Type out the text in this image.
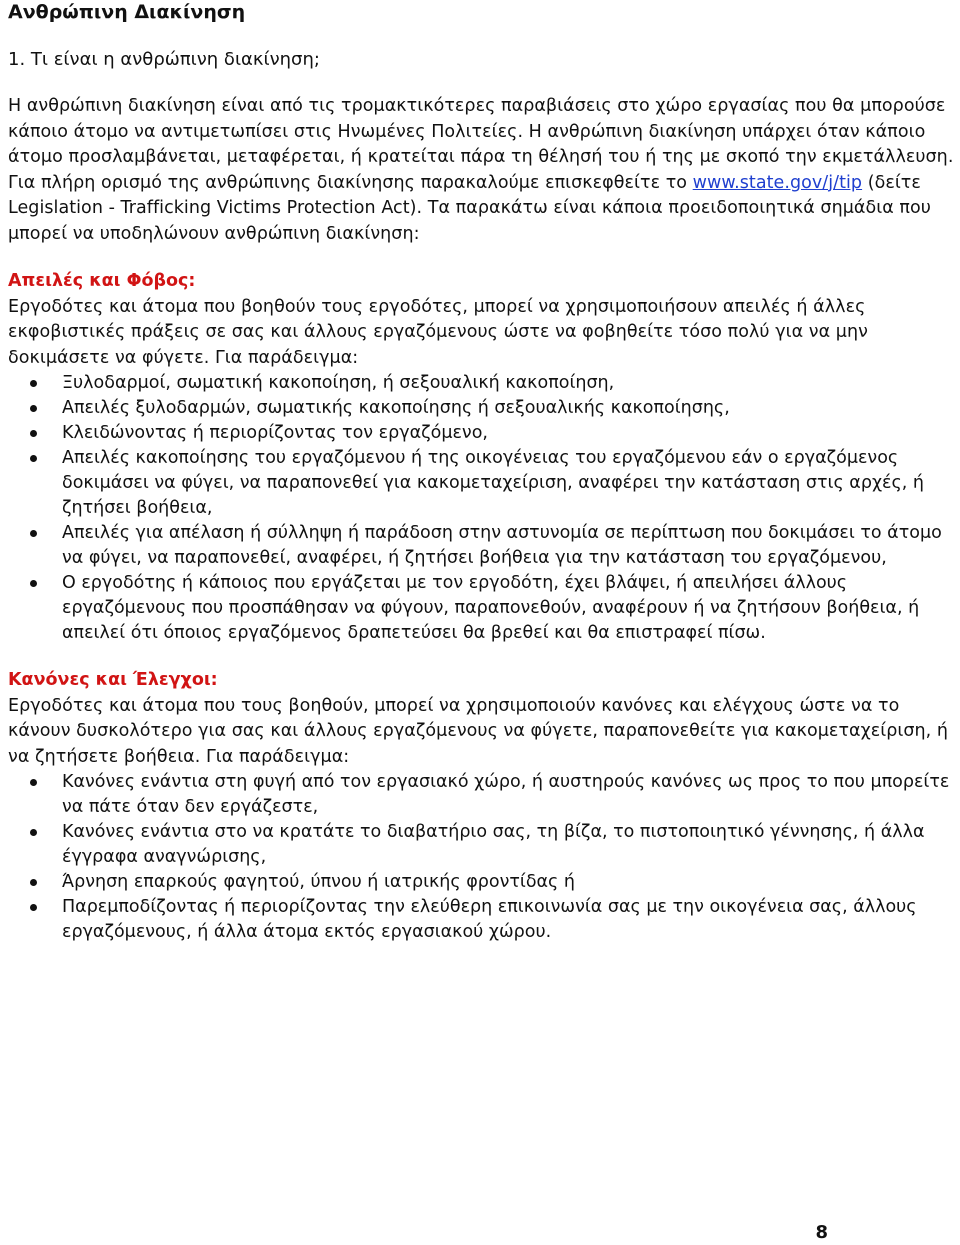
Ανθρώπινη Διακίνηση

1. Τι είναι η ανθρώπινη διακίνηση;

Η ανθρώπινη διακίνηση είναι από τις τρομακτικότερες παραβιάσεις στο χώρο εργασίας που θα μπορούσε κάποιο άτομο να αντιμετωπίσει στις Ηνωμένες Πολιτείες. Η ανθρώπινη διακίνηση υπάρχει όταν κάποιο άτομο προσλαμβάνεται, μεταφέρεται, ή κρατείται πάρα τη θέλησή του ή της με σκοπό την εκμετάλλευση. Για πλήρη ορισμό της ανθρώπινης διακίνησης παρακαλούμε επισκεφθείτε το www.state.gov/j/tip (δείτε Legislation - Trafficking Victims Protection Act). Τα παρακάτω είναι κάποια προειδοποιητικά σημάδια που μπορεί να υποδηλώνουν ανθρώπινη διακίνηση:

Απειλές και Φόβος:

Εργοδότες και άτομα που βοηθούν τους εργοδότες, μπορεί να χρησιμοποιήσουν απειλές ή άλλες εκφοβιστικές πράξεις σε σας και άλλους εργαζόμενους ώστε να φοβηθείτε τόσο πολύ για να μην δοκιμάσετε να φύγετε. Για παράδειγμα:

Ξυλοδαρμοί, σωματική κακοποίηση, ή σεξουαλική κακοποίηση,
Απειλές ξυλοδαρμών, σωματικής κακοποίησης ή σεξουαλικής κακοποίησης,
Κλειδώνοντας ή περιορίζοντας τον εργαζόμενο,
Απειλές κακοποίησης του εργαζόμενου ή της οικογένειας του εργαζόμενου εάν ο εργαζόμενος δοκιμάσει να φύγει, να παραπονεθεί για κακομεταχείριση, αναφέρει την κατάσταση στις αρχές, ή ζητήσει βοήθεια,
Απειλές για απέλαση ή σύλληψη ή παράδοση στην αστυνομία σε περίπτωση που δοκιμάσει το άτομο να φύγει, να παραπονεθεί, αναφέρει, ή ζητήσει βοήθεια για την κατάσταση του εργαζόμενου,
Ο εργοδότης ή κάποιος που εργάζεται με τον εργοδότη, έχει βλάψει, ή απειλήσει άλλους εργαζόμενους που προσπάθησαν να φύγουν, παραπονεθούν, αναφέρουν ή να ζητήσουν βοήθεια, ή απειλεί ότι όποιος εργαζόμενος δραπετεύσει θα βρεθεί και θα επιστραφεί πίσω.

Κανόνες και Έλεγχοι:

Εργοδότες και άτομα που τους βοηθούν, μπορεί να χρησιμοποιούν κανόνες και ελέγχους ώστε να το κάνουν δυσκολότερο για σας και άλλους εργαζόμενους να φύγετε, παραπονεθείτε για κακομεταχείριση, ή να ζητήσετε βοήθεια. Για παράδειγμα:

Κανόνες ενάντια στη φυγή από τον εργασιακό χώρο, ή αυστηρούς κανόνες ως προς το που μπορείτε να πάτε όταν δεν εργάζεστε,
Κανόνες ενάντια στο να κρατάτε το διαβατήριο σας, τη βίζα, το πιστοποιητικό γέννησης, ή άλλα έγγραφα αναγνώρισης,
Άρνηση επαρκούς φαγητού, ύπνου ή ιατρικής φροντίδας ή
Παρεμποδίζοντας ή περιορίζοντας την ελεύθερη επικοινωνία σας με την οικογένεια σας, άλλους εργαζόμενους, ή άλλα άτομα εκτός εργασιακού χώρου.
8
